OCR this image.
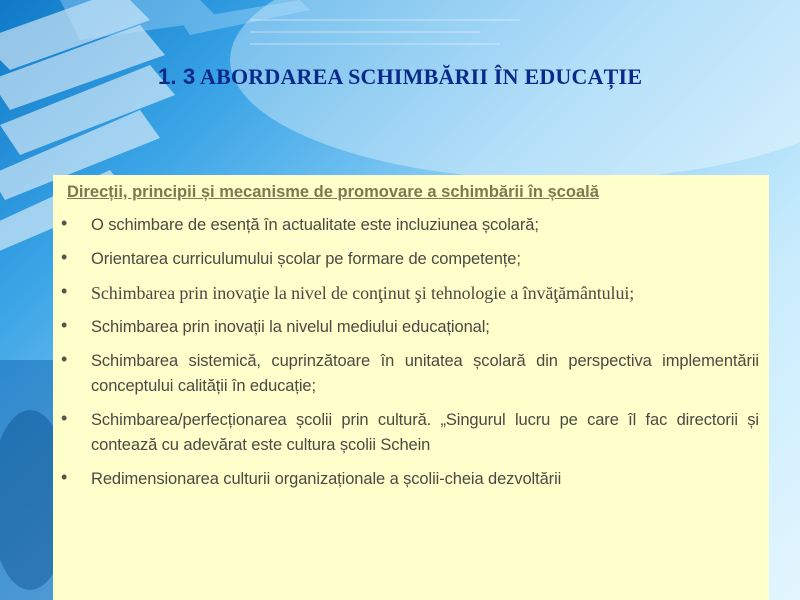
1. 3 ABORDAREA SCHIMBĂRII ÎN EDUCAȚIE
Direcții, principii și mecanisme de promovare a schimbării în școală
• O schimbare de esență în actualitate este incluziunea școlară;
• Orientarea curriculumului școlar pe formare de competențe;
• Schimbarea prin inovaţie la nivel de conţinut şi tehnologie a învăţământului;
• Schimbarea prin inovații la nivelul mediului educațional;
• Schimbarea sistemică, cuprinzătoare în unitatea școlară din perspectiva implementării conceptului calității în educație;
• Schimbarea/perfecționarea școlii prin cultură. „Singurul lucru pe care îl fac directorii și contează cu adevărat este cultura școlii Schein
• Redimensionarea culturii organizaționale a școlii-cheia dezvoltării
